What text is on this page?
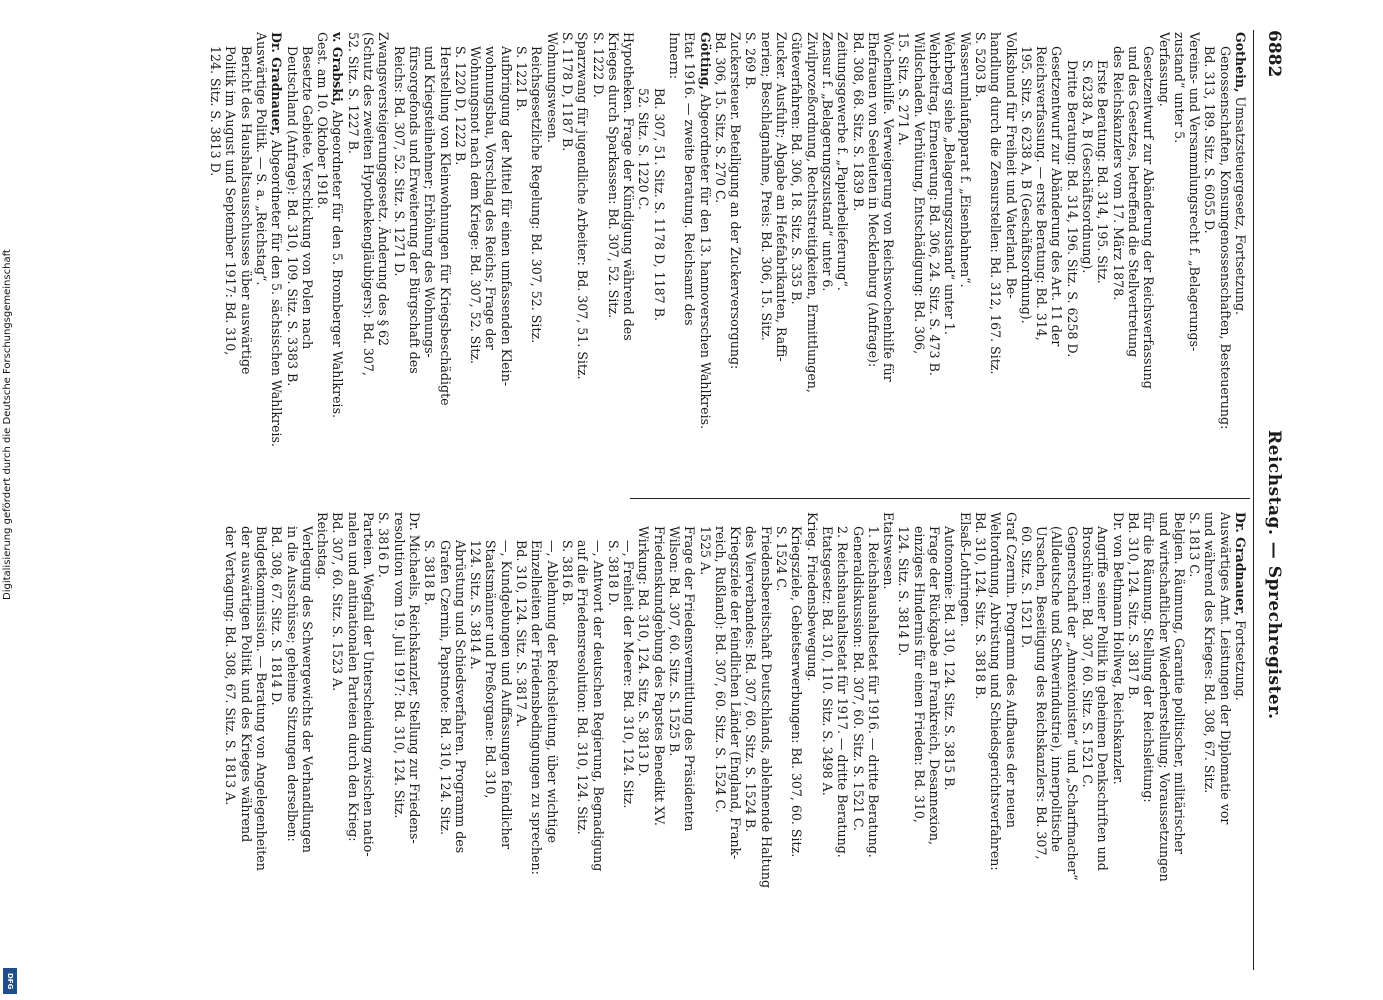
Digitalisierung gefördert durch die Deutsche Forschungsgemeinschaft
DFG
6882
Reichstag. — Sprechregister.
Gothein, Umsatzsteuergesetz, Fortsetzung.
Genossenschaften, Konsumgenossenschaften, Besteuerung:
Bd. 313, 189. Sitz. S. 6055 D.
Vereins- und Versammlungsrecht f. „Belagerungs-
zustand“ unter 5.
Verfassung.
Gesetzentwurf zur Abänderung der Reichsverfassung
und des Gesetzes, betreffend die Stellvertretung
des Reichskanzlers vom 17. März 1878.
Erste Beratung: Bd. 314, 195. Sitz.
S. 6238 A, B (Geschäftsordnung).
Dritte Beratung: Bd. 314, 196. Sitz. S. 6258 D.
Gesetzentwurf zur Abänderung des Art. 11 der
Reichsverfassung. — erste Beratung: Bd. 314,
195. Sitz. S. 6238 A, B (Geschäftsordnung).
Volksbund für Freiheit und Vaterland. Be-
handlung durch die Zensurstellen: Bd. 312, 167. Sitz.
S. 5203 B.
Wasserumlaufapparat f. „Eisenbahnen“.
Wehrberg siehe „Belagerungszustand“ unter 1.
Wehrbeitrag, Erneuerung: Bd. 306, 24. Sitz. S. 473 B.
Wildschaden. Verhütung, Entschädigung: Bd. 306,
15. Sitz. S. 271 A.
Wochenhilfe. Verweigerung von Reichswochenhilfe für
Ehefrauen von Seeleuten in Mecklenburg (Anfrage):
Bd. 308, 68. Sitz. S. 1839 B.
Zeitungsgewerbe f. „Papierbelieferung“.
Zensur f. „Belagerungszustand“ unter 6.
Zivilprozeßordnung, Rechtsstreitigkeiten, Ermittlungen,
Güteverfahren: Bd. 306, 18. Sitz. S. 335 B.
Zucker. Ausfuhr; Abgabe an Hefefabrikanten, Raffi-
nerien; Beschlagnahme, Preis: Bd. 306, 15. Sitz.
S. 269 B.
Zuckersteuer. Beteiligung an der Zuckerversorgung:
Bd. 306, 15. Sitz. S. 270 C.
Götting, Abgeordneter für den 13. hannoverschen Wahlkreis.
Etat 1916. — zweite Beratung. Reichsamt des
Innern:
Bd. 307, 51. Sitz. S. 1178 D, 1187 B.
52. Sitz. S. 1220 C.
Hypotheken. Frage der Kündigung während des
Krieges durch Sparkassen: Bd. 307, 52. Sitz.
S. 1222 D.
Sparzwang für jugendliche Arbeiter: Bd. 307, 51. Sitz.
S. 1178 D, 1187 B.
Wohnungswesen.
Reichsgesetzliche Regelung: Bd. 307, 52. Sitz.
S. 1221 B.
Aufbringung der Mittel für einen umfassenden Klein-
wohnungsbau, Vorschlag des Reichs; Frage der
Wohnungsnot nach dem Kriege: Bd. 307, 52. Sitz.
S. 1220 D, 1222 B.
Herstellung von Kleinwohnungen für Kriegsbeschädigte
und Kriegsteilnehmer; Erhöhung des Wohnungs-
fürsorgefonds und Erweiterung der Bürgschaft des
Reichs: Bd. 307, 52. Sitz. S. 1271 D.
Zwangsversteigerungsgesetz. Änderung des § 62
(Schutz des zweiten Hypothekengläubigers): Bd. 307,
52. Sitz. S. 1227 B.
v. Grabski, Abgeordneter für den 5. Bromberger Wahlkreis.
Gest. am 10. Oktober 1918.
Besetzte Gebiete. Verschickung von Polen nach
Deutschland (Anfrage): Bd. 310, 109. Sitz. S. 3383 B.
Dr. Gradnauer, Abgeordneter für den 5. sächsischen Wahlkreis.
Auswärtige Politik. — S. a. „Reichstag“.
Bericht des Haushaltsausschusses über auswärtige
Politik im August und September 1917: Bd. 310,
124. Sitz. S. 3813 D.
Dr. Gradnauer, Fortsetzung.
Auswärtiges Amt. Leistungen der Diplomatie vor
und während des Krieges: Bd. 308, 67. Sitz.
S. 1813 C.
Belgien. Räumung, Garantie politischer, militärischer
und wirtschaftlicher Wiederherstellung; Voraussetzungen
für die Räumung. Stellung der Reichsleitung:
Bd. 310, 124. Sitz. S. 3817 B.
Dr. von Bethmann Hollweg, Reichskanzler.
Angriffe seiner Politik in geheimen Denkschriften und
Broschüren: Bd. 307, 60. Sitz. S. 1521 C.
Gegnerschaft der „Annexionisten“ und „Scharfmacher“
(Alldeutsche und Schwerindustrie), innerpolitische
Ursachen, Beseitigung des Reichskanzlers: Bd. 307,
60. Sitz. S. 1521 D.
Graf Czernin. Programm des Aufbaues der neuen
Weltordnung, Abrüstung und Schiedsgerichtsverfahren:
Bd. 310, 124. Sitz. S. 3818 B.
Elsaß-Lothringen.
Autonomie: Bd. 310, 124. Sitz. S. 3815 B.
Frage der Rückgabe an Frankreich, Desannexion,
einziges Hindernis für einen Frieden: Bd. 310,
124. Sitz. S. 3814 D.
Etatswesen.
1. Reichshaushaltsetat für 1916. — dritte Beratung.
Generaldiskussion: Bd. 307, 60. Sitz. S. 1521 C.
2. Reichshaushaltsetat für 1917. — dritte Beratung.
Etatsgesetz: Bd. 310, 110. Sitz. S. 3498 A.
Krieg. Friedensbewegung.
Kriegsziele, Gebietserwerbungen: Bd. 307, 60. Sitz.
S. 1524 C.
Friedensbereitschaft Deutschlands, ablehnende Haltung
des Vierverbandes: Bd. 307, 60. Sitz. S. 1524 B.
Kriegsziele der feindlichen Länder (England, Frank-
reich, Rußland): Bd. 307, 60. Sitz. S. 1524 C.
1525 A.
Frage der Friedensvermittlung des Präsidenten
Wilson: Bd. 307, 60. Sitz. S. 1525 B.
Friedenskundgebung des Papstes Benedikt XV.
Wirkung: Bd. 310, 124. Sitz. S. 3813 D.
—, Freiheit der Meere: Bd. 310, 124. Sitz.
S. 3818 D.
—, Antwort der deutschen Regierung, Begnadigung
auf die Friedensresolution: Bd. 310, 124. Sitz.
S. 3816 B.
—, Ablehnung der Reichsleitung, über wichtige
Einzelheiten der Friedensbedingungen zu sprechen:
Bd. 310, 124. Sitz. S. 3817 A.
—, Kundgebungen und Auffassungen feindlicher
Staatsmänner und Preßorgane: Bd. 310,
124. Sitz. S. 3814 A.
Abrüstung und Schiedsverfahren. Programm des
Grafen Czernin, Papstnote: Bd. 310, 124. Sitz.
S. 3818 B.
Dr. Michaelis, Reichskanzler, Stellung zur Friedens-
resolution vom 19. Juli 1917: Bd. 310, 124. Sitz.
S. 3816 D.
Parteien. Wegfall der Unterscheidung zwischen natio-
nalen und antinationalen Parteien durch den Krieg:
Bd. 307, 60. Sitz. S. 1523 A.
Reichstag.
Verlegung des Schwergewichts der Verhandlungen
in die Ausschüsse; geheime Sitzungen derselben:
Bd. 308, 67. Sitz. S. 1814 D.
Budgetkommission. — Beratung von Angelegenheiten
der auswärtigen Politik und des Krieges während
der Vertagung: Bd. 308, 67. Sitz. S. 1813 A.
